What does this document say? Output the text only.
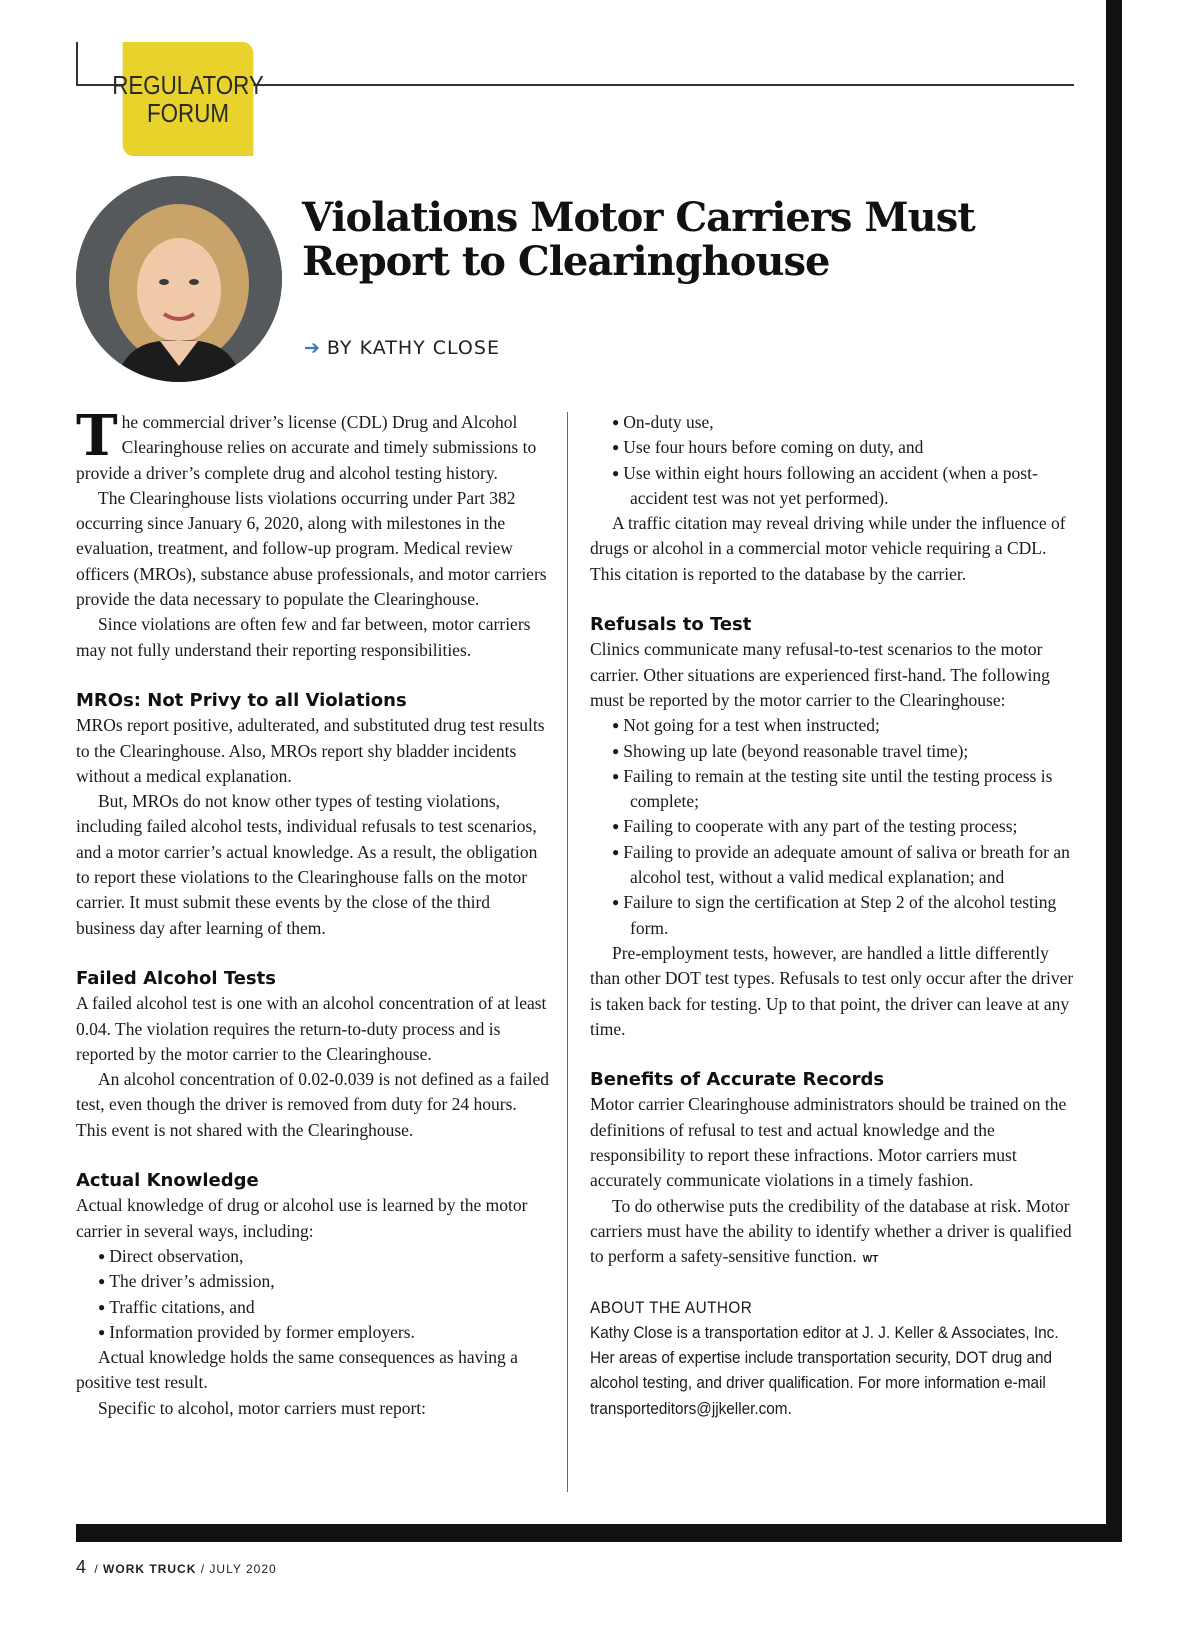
REGULATORY
FORUM
Violations Motor Carriers Must
Report to Clearinghouse
➔ BY KATHY CLOSE

The commercial driver’s license (CDL) Drug and Alcohol Clearinghouse relies on accurate and timely submissions to provide a driver’s complete drug and alcohol testing history.

The Clearinghouse lists violations occurring under Part 382 occurring since January 6, 2020, along with milestones in the evaluation, treatment, and follow-up program. Medical review officers (MROs), substance abuse professionals, and motor carriers provide the data necessary to populate the Clearinghouse.

Since violations are often few and far between, motor carriers may not fully understand their reporting responsibilities.

MROs: Not Privy to all Violations

MROs report positive, adulterated, and substituted drug test results to the Clearinghouse. Also, MROs report shy bladder incidents without a medical explanation.

But, MROs do not know other types of testing violations, including failed alcohol tests, individual refusals to test scenarios, and a motor carrier’s actual knowledge. As a result, the obligation to report these violations to the Clearinghouse falls on the motor carrier. It must submit these events by the close of the third business day after learning of them.

Failed Alcohol Tests

A failed alcohol test is one with an alcohol concentration of at least 0.04. The violation requires the return-to-duty process and is reported by the motor carrier to the Clearinghouse.

An alcohol concentration of 0.02-0.039 is not defined as a failed test, even though the driver is removed from duty for 24 hours. This event is not shared with the Clearinghouse.

Actual Knowledge

Actual knowledge of drug or alcohol use is learned by the motor carrier in several ways, including:

● Direct observation,
● The driver’s admission,
● Traffic citations, and
● Information provided by former employers.

Actual knowledge holds the same consequences as having a positive test result.

Specific to alcohol, motor carriers must report:

● On-duty use,
● Use four hours before coming on duty, and
● Use within eight hours following an accident (when a post-accident test was not yet performed).

A traffic citation may reveal driving while under the influence of drugs or alcohol in a commercial motor vehicle requiring a CDL. This citation is reported to the database by the carrier.

Refusals to Test

Clinics communicate many refusal-to-test scenarios to the motor carrier. Other situations are experienced first-hand. The following must be reported by the motor carrier to the Clearinghouse:

● Not going for a test when instructed;
● Showing up late (beyond reasonable travel time);
● Failing to remain at the testing site until the testing process is complete;
● Failing to cooperate with any part of the testing process;
● Failing to provide an adequate amount of saliva or breath for an alcohol test, without a valid medical explanation; and
● Failure to sign the certification at Step 2 of the alcohol testing form.

Pre-employment tests, however, are handled a little differently than other DOT test types. Refusals to test only occur after the driver is taken back for testing. Up to that point, the driver can leave at any time.

Benefits of Accurate Records

Motor carrier Clearinghouse administrators should be trained on the definitions of refusal to test and actual knowledge and the responsibility to report these infractions. Motor carriers must accurately communicate violations in a timely fashion.

To do otherwise puts the credibility of the database at risk. Motor carriers must have the ability to identify whether a driver is qualified to perform a safety-sensitive function. WT

ABOUT THE AUTHOR
Kathy Close is a transportation editor at J. J. Keller & Associates, Inc. Her areas of expertise include transportation security, DOT drug and alcohol testing, and driver qualification. For more information e-mail transporteditors@jjkeller.com.
4 / WORK TRUCK / JULY 2020
